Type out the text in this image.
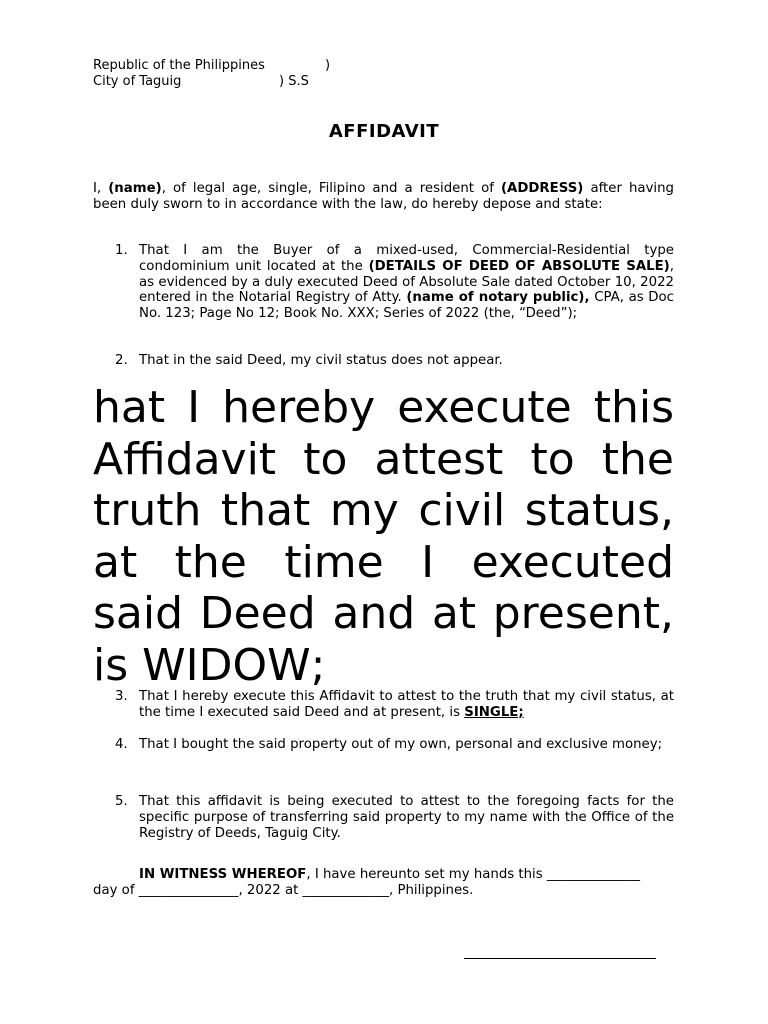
Republic of the Philippines	)
City of Taguig	) S.S
AFFIDAVIT
I, (name), of legal age, single, Filipino and a resident of (ADDRESS) after having been duly sworn to in accordance with the law, do hereby depose and state:
1. That I am the Buyer of a mixed-used, Commercial-Residential type condominium unit located at the (DETAILS OF DEED OF ABSOLUTE SALE), as evidenced by a duly executed Deed of Absolute Sale dated October 10, 2022 entered in the Notarial Registry of Atty. (name of notary public), CPA, as Doc No. 123; Page No 12; Book No. XXX; Series of 2022 (the, “Deed”);
2. That in the said Deed, my civil status does not appear.
hat I hereby execute this Affidavit to attest to the truth that my civil status, at the time I executed said Deed and at present, is WIDOW;
3. That I hereby execute this Affidavit to attest to the truth that my civil status, at the time I executed said Deed and at present, is SINGLE;
4. That I bought the said property out of my own, personal and exclusive money;
5. That this affidavit is being executed to attest to the foregoing facts for the specific purpose of transferring said property to my name with the Office of the Registry of Deeds, Taguig City.
IN WITNESS WHEREOF, I have hereunto set my hands this ______________
day of _______________, 2022 at _____________, Philippines.
